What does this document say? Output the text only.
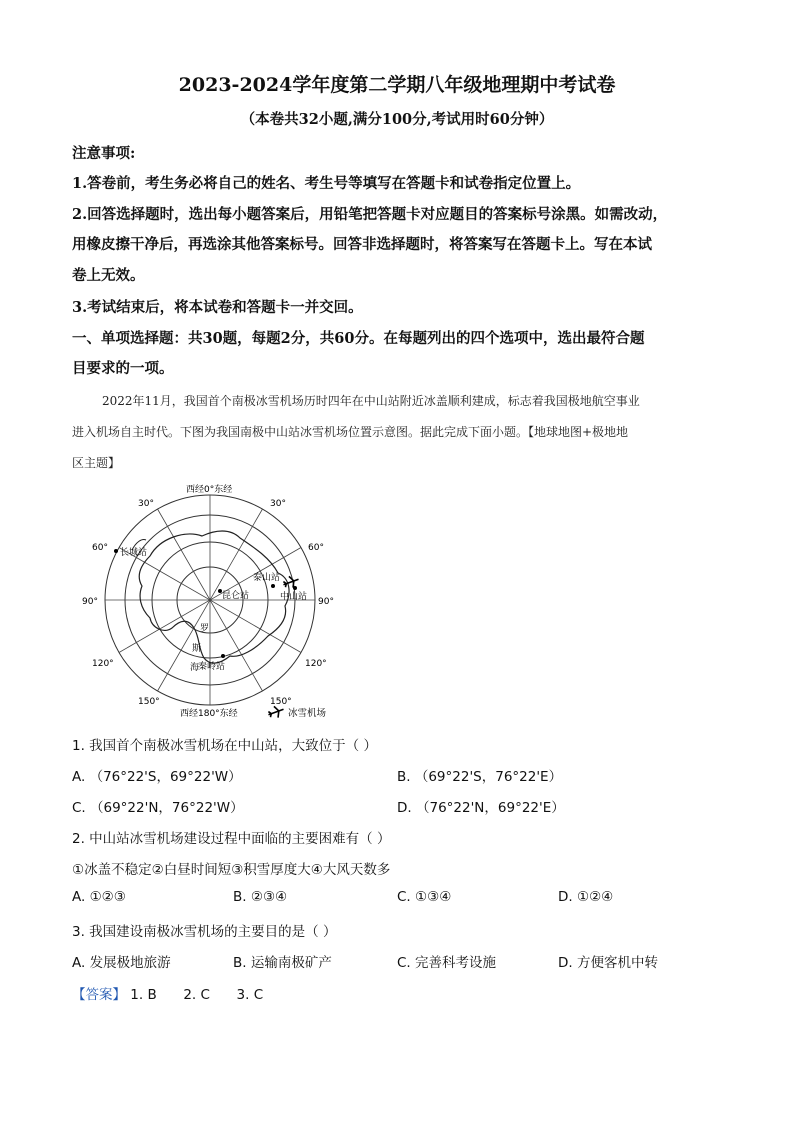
2023-2024学年度第二学期八年级地理期中考试卷
（本卷共32小题,满分100分,考试用时60分钟）
注意事项:
1.答卷前，考生务必将自己的姓名、考生号等填写在答题卡和试卷指定位置上。
2.回答选择题时，选出每小题答案后，用铅笔把答题卡对应题目的答案标号涂黑。如需改动，
用橡皮擦干净后，再选涂其他答案标号。回答非选择题时，将答案写在答题卡上。写在本试
卷上无效。
3.考试结束后，将本试卷和答题卡一并交回。
一、单项选择题：共30题，每题2分，共60分。在每题列出的四个选项中，选出最符合题
目要求的一项。
2022年11月，我国首个南极冰雪机场历时四年在中山站附近冰盖顺利建成，标志着我国极地航空事业
进入机场自主时代。下图为我国南极中山站冰雪机场位置示意图。据此完成下面小题。【地球地图+极地地
区主题】
西经0°东经
西经180°东经
30°
60°
90°
120°
150°
30°
60°
90°
120°
150°
长城站
泰山站
中山站
昆仑站
秦岭站
罗
斯
海
冰雪机场
1. 我国首个南极冰雪机场在中山站，大致位于（ ）
A. （76°22'S，69°22'W）	B. （69°22'S，76°22'E）
C. （69°22'N，76°22'W）	D. （76°22'N，69°22'E）
2. 中山站冰雪机场建设过程中面临的主要困难有（ ）
①冰盖不稳定②白昼时间短③积雪厚度大④大风天数多
A. ①②③	B. ②③④	C. ①③④	D. ①②④
3. 我国建设南极冰雪机场的主要目的是（ ）
A. 发展极地旅游	B. 运输南极矿产	C. 完善科考设施	D. 方便客机中转
【答案】 1. B 2. C 3. C
